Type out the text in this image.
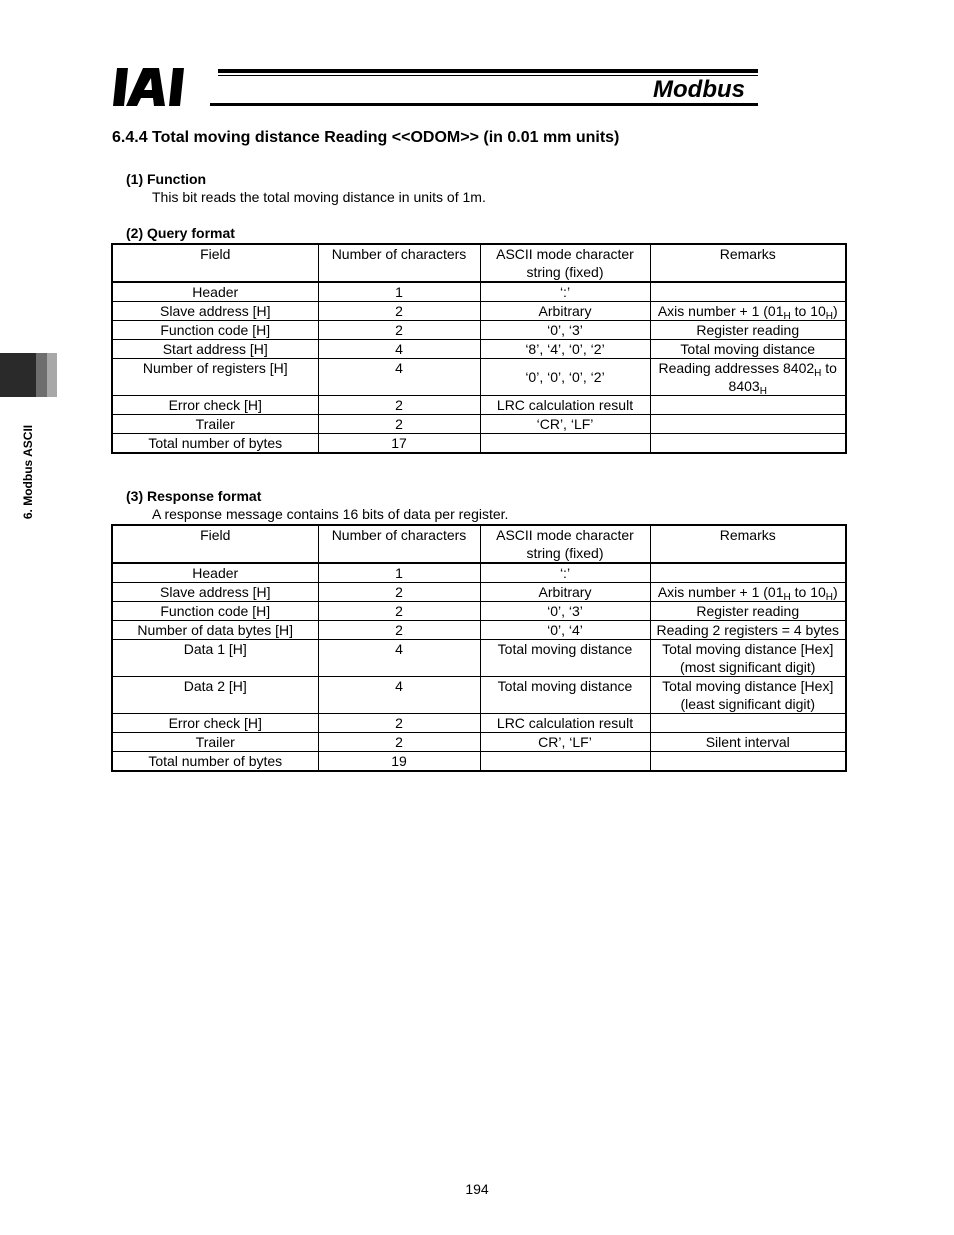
Modbus
6. Modbus ASCII
6.4.4 Total moving distance Reading <<ODOM>> (in 0.01 mm units)
(1) Function
This bit reads the total moving distance in units of 1m.
(2) Query format
Field	Number of characters	ASCII mode character string (fixed)	Remarks
Header	1	‘:’	
Slave address [H]	2	Arbitrary	Axis number + 1 ($01_H$ to $10_H$)
Function code [H]	2	‘0’, ‘3’	Register reading
Start address [H]	4	‘8’, ‘4’, ‘0’, ‘2’	Total moving distance
Number of registers [H]	4	‘0’, ‘0’, ‘0’, ‘2’	Reading addresses $8402_H$ to $8403_H$
Error check [H]	2	LRC calculation result	
Trailer	2	‘CR’, ‘LF’	
Total number of bytes	17		
(3) Response format
A response message contains 16 bits of data per register.
Field	Number of characters	ASCII mode character string (fixed)	Remarks
Header	1	‘:’	
Slave address [H]	2	Arbitrary	Axis number + 1 ($01_H$ to $10_H$)
Function code [H]	2	‘0’, ‘3’	Register reading
Number of data bytes [H]	2	‘0’, ‘4’	Reading 2 registers = 4 bytes
Data 1 [H]	4	Total moving distance	Total moving distance [Hex] (most significant digit)
Data 2 [H]	4	Total moving distance	Total moving distance [Hex] (least significant digit)
Error check [H]	2	LRC calculation result	
Trailer	2	CR’, ‘LF’	Silent interval
Total number of bytes	19		
194
